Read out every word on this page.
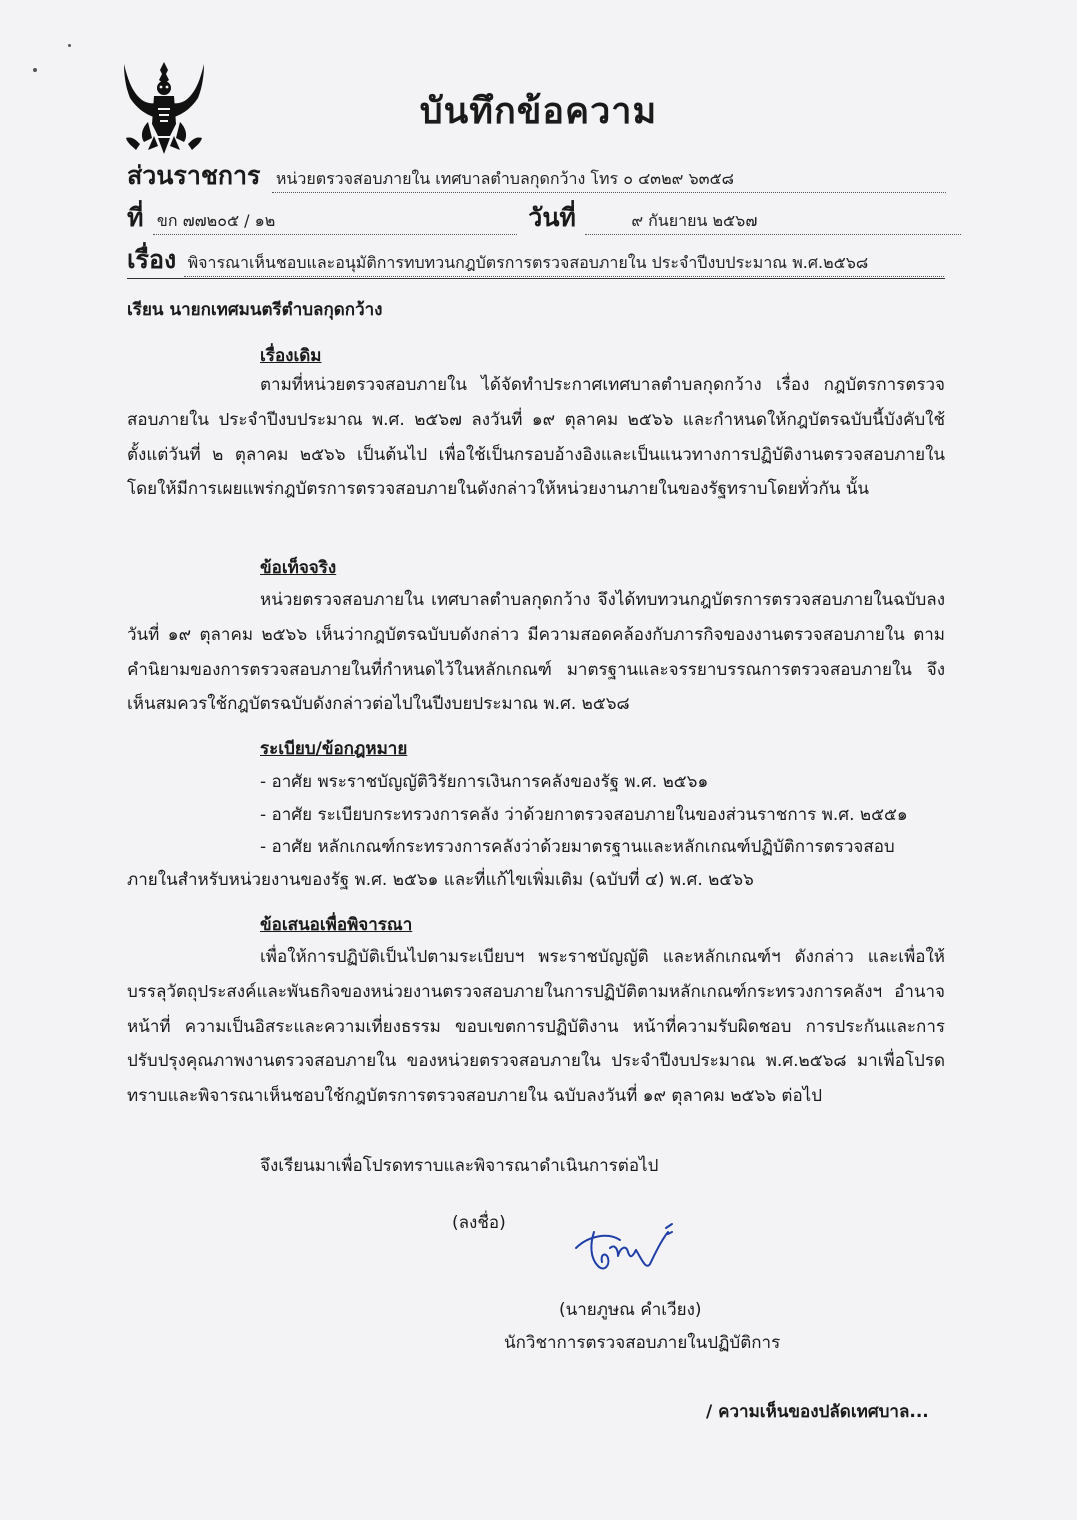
บันทึกข้อความ
ส่วนราชการ หน่วยตรวจสอบภายใน เทศบาลตำบลกุดกว้าง โทร ๐ ๔๓๒๙ ๖๓๕๘
ที่ ขก ๗๗๒๐๕ / ๑๒	วันที่	๙ กันยายน ๒๕๖๗
เรื่อง พิจารณาเห็นชอบและอนุมัติการทบทวนกฎบัตรการตรวจสอบภายใน ประจำปีงบประมาณ พ.ศ.๒๕๖๘
เรียน นายกเทศมนตรีตำบลกุดกว้าง
เรื่องเดิม
ตามที่หน่วยตรวจสอบภายใน ได้จัดทำประกาศเทศบาลตำบลกุดกว้าง เรื่อง กฎบัตรการตรวจสอบภายใน ประจำปีงบประมาณ พ.ศ. ๒๕๖๗ ลงวันที่ ๑๙ ตุลาคม ๒๕๖๖ และกำหนดให้กฎบัตรฉบับนี้บังคับใช้ตั้งแต่วันที่ ๒ ตุลาคม ๒๕๖๖ เป็นต้นไป เพื่อใช้เป็นกรอบอ้างอิงและเป็นแนวทางการปฏิบัติงานตรวจสอบภายใน โดยให้มีการเผยแพร่กฎบัตรการตรวจสอบภายในดังกล่าวให้หน่วยงานภายในของรัฐทราบโดยทั่วกัน นั้น
ข้อเท็จจริง
หน่วยตรวจสอบภายใน เทศบาลตำบลกุดกว้าง จึงได้ทบทวนกฎบัตรการตรวจสอบภายในฉบับลงวันที่ ๑๙ ตุลาคม ๒๕๖๖ เห็นว่ากฎบัตรฉบับบดังกล่าว มีความสอดคล้องกับภารกิจของงานตรวจสอบภายใน ตามคำนิยามของการตรวจสอบภายในที่กำหนดไว้ในหลักเกณฑ์ มาตรฐานและจรรยาบรรณการตรวจสอบภายใน จึงเห็นสมควรใช้กฎบัตรฉบับดังกล่าวต่อไปในปีงบยประมาณ พ.ศ. ๒๕๖๘
ระเบียบ/ข้อกฎหมาย
- อาศัย พระราชบัญญัติวิรัยการเงินการคลังของรัฐ พ.ศ. ๒๕๖๑
- อาศัย ระเบียบกระทรวงการคลัง ว่าด้วยกาตรวจสอบภายในของส่วนราชการ พ.ศ. ๒๕๕๑
- อาศัย หลักเกณฑ์กระทรวงการคลังว่าด้วยมาตรฐานและหลักเกณฑ์ปฏิบัติการตรวจสอบ
ภายในสำหรับหน่วยงานของรัฐ พ.ศ. ๒๕๖๑ และที่แก้ไขเพิ่มเติม (ฉบับที่ ๔) พ.ศ. ๒๕๖๖
ข้อเสนอเพื่อพิจารณา
เพื่อให้การปฏิบัติเป็นไปตามระเบียบฯ พระราชบัญญัติ และหลักเกณฑ์ฯ ดังกล่าว และเพื่อให้บรรลุวัตถุประสงค์และพันธกิจของหน่วยงานตรวจสอบภายในการปฏิบัติตามหลักเกณฑ์กระทรวงการคลังฯ อำนาจหน้าที่ ความเป็นอิสระและความเที่ยงธรรม ขอบเขตการปฏิบัติงาน หน้าที่ความรับผิดชอบ การประกันและการปรับปรุงคุณภาพงานตรวจสอบภายใน ของหน่วยตรวจสอบภายใน ประจำปีงบประมาณ พ.ศ.๒๕๖๘ มาเพื่อโปรดทราบและพิจารณาเห็นชอบใช้กฎบัตรการตรวจสอบภายใน ฉบับลงวันที่ ๑๙ ตุลาคม ๒๕๖๖ ต่อไป
จึงเรียนมาเพื่อโปรดทราบและพิจารณาดำเนินการต่อไป
(ลงชื่อ)
(นายภูษณ คำเวียง)
นักวิชาการตรวจสอบภายในปฏิบัติการ
/ ความเห็นของปลัดเทศบาล...
